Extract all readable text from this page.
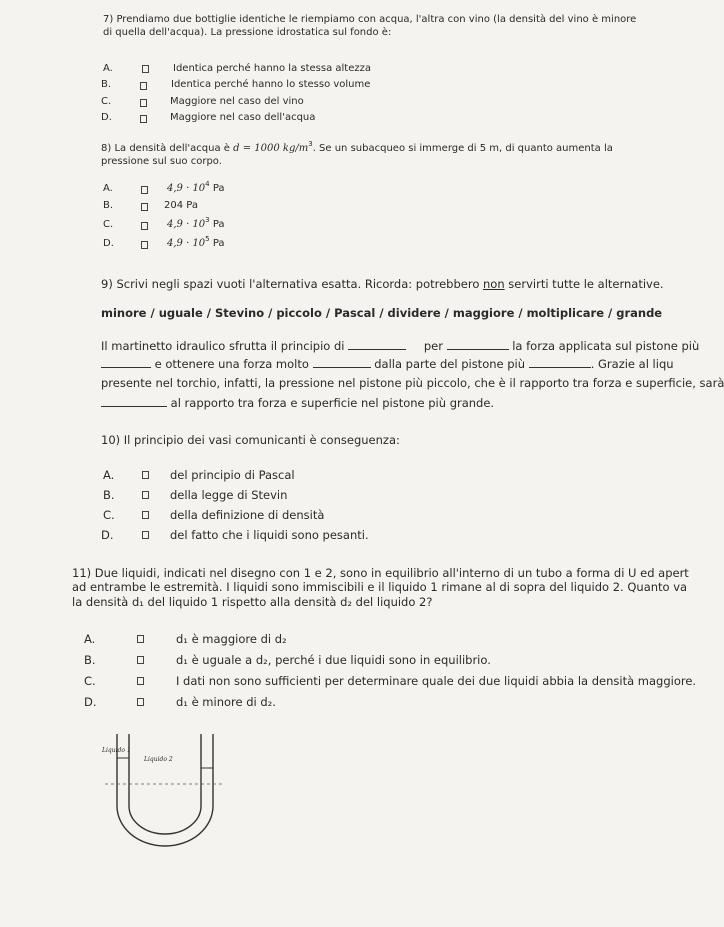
7) Prendiamo due bottiglie identiche le riempiamo con acqua, l'altra con vino (la densità del vino è minore
di quella dell'acqua). La pressione idrostatica sul fondo è:
A.	Identica perché hanno la stessa altezza
B.	Identica perché hanno lo stesso volume
C.	Maggiore nel caso del vino
D.	Maggiore nel caso dell'acqua
8) La densità dell'acqua è d = 1000 $kg/m^3$. Se un subacqueo si immerge di 5 m, di quanto aumenta la
pressione sul suo corpo.
A.	$4,9 \cdot 10^4$ Pa
B.	204 Pa
C.	$4,9 \cdot 10^3$ Pa
D.	$4,9 \cdot 10^5$ Pa
9) Scrivi negli spazi vuoti l'alternativa esatta. Ricorda: potrebbero non servirti tutte le alternative.
minore / uguale / Stevino / piccolo / Pascal / dividere / maggiore / moltiplicare / grande
Il martinetto idraulico sfrutta il principio di	per	la forza applicata sul pistone più
e ottenere una forza molto	dalla parte del pistone più	. Grazie al liqu
presente nel torchio, infatti, la pressione nel pistone più piccolo, che è il rapporto tra forza e superficie, sarà
al rapporto tra forza e superficie nel pistone più grande.
10) Il principio dei vasi comunicanti è conseguenza:
A.	del principio di Pascal
B.	della legge di Stevin
C.	della definizione di densità
D.	del fatto che i liquidi sono pesanti.
11) Due liquidi, indicati nel disegno con 1 e 2, sono in equilibrio all'interno di un tubo a forma di U ed apert
ad entrambe le estremità. I liquidi sono immiscibili e il liquido 1 rimane al di sopra del liquido 2. Quanto va
la densità d₁ del liquido 1 rispetto alla densità d₂ del liquido 2?
A.	d₁ è maggiore di d₂
B.	d₁ è uguale a d₂, perché i due liquidi sono in equilibrio.
C.	I dati non sono sufficienti per determinare quale dei due liquidi abbia la densità maggiore.
D.	d₁ è minore di d₂.
Liquido 1
Liquido 2
